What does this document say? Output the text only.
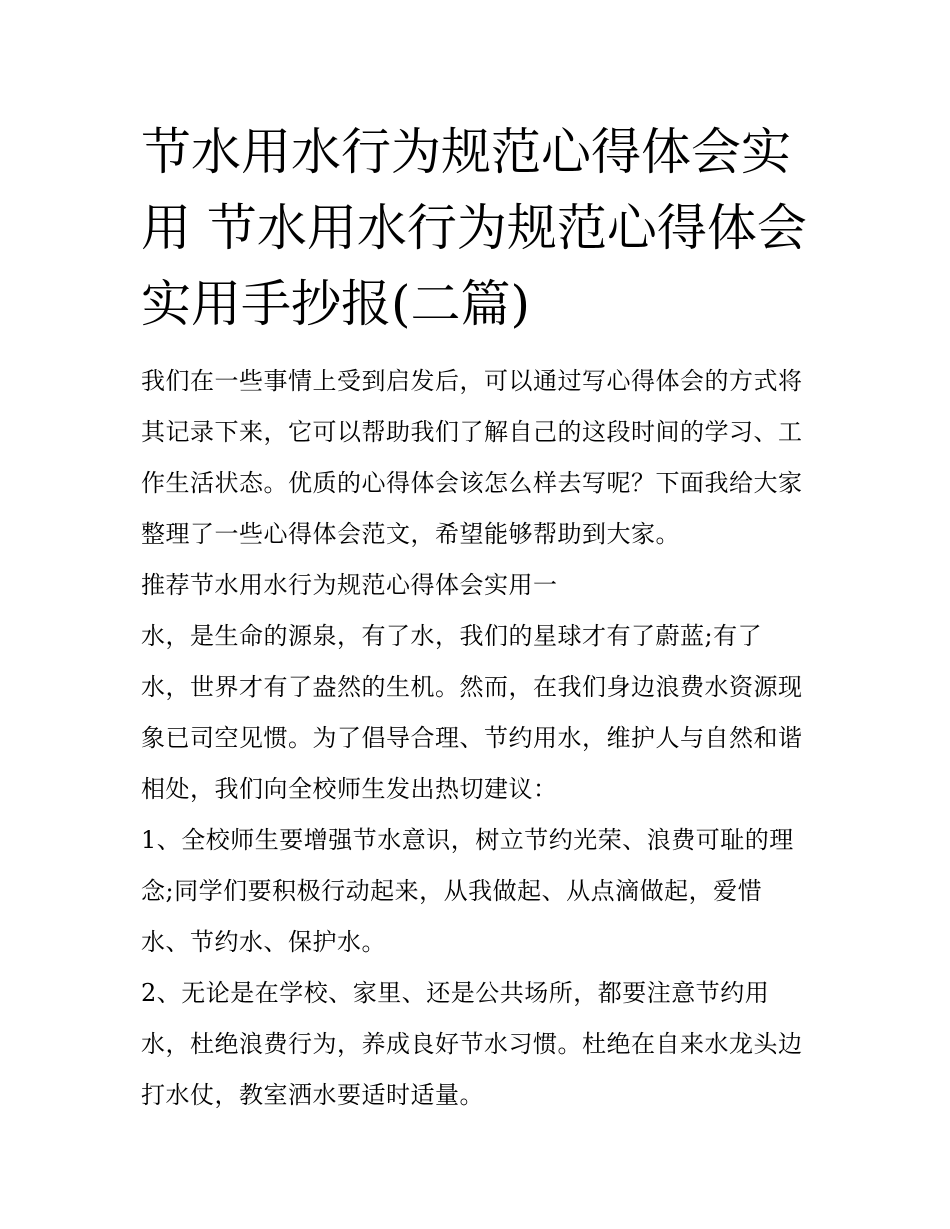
节水用水行为规范心得体会实
用 节水用水行为规范心得体会
实用手抄报(二篇)
我们在一些事情上受到启发后，可以通过写心得体会的方式将
其记录下来，它可以帮助我们了解自己的这段时间的学习、工
作生活状态。优质的心得体会该怎么样去写呢？下面我给大家
整理了一些心得体会范文，希望能够帮助到大家。
推荐节水用水行为规范心得体会实用一
水，是生命的源泉，有了水，我们的星球才有了蔚蓝;有了
水，世界才有了盎然的生机。然而，在我们身边浪费水资源现
象已司空见惯。为了倡导合理、节约用水，维护人与自然和谐
相处，我们向全校师生发出热切建议：
1、全校师生要增强节水意识，树立节约光荣、浪费可耻的理
念;同学们要积极行动起来，从我做起、从点滴做起，爱惜
水、节约水、保护水。
2、无论是在学校、家里、还是公共场所，都要注意节约用
水，杜绝浪费行为，养成良好节水习惯。杜绝在自来水龙头边
打水仗，教室洒水要适时适量。
